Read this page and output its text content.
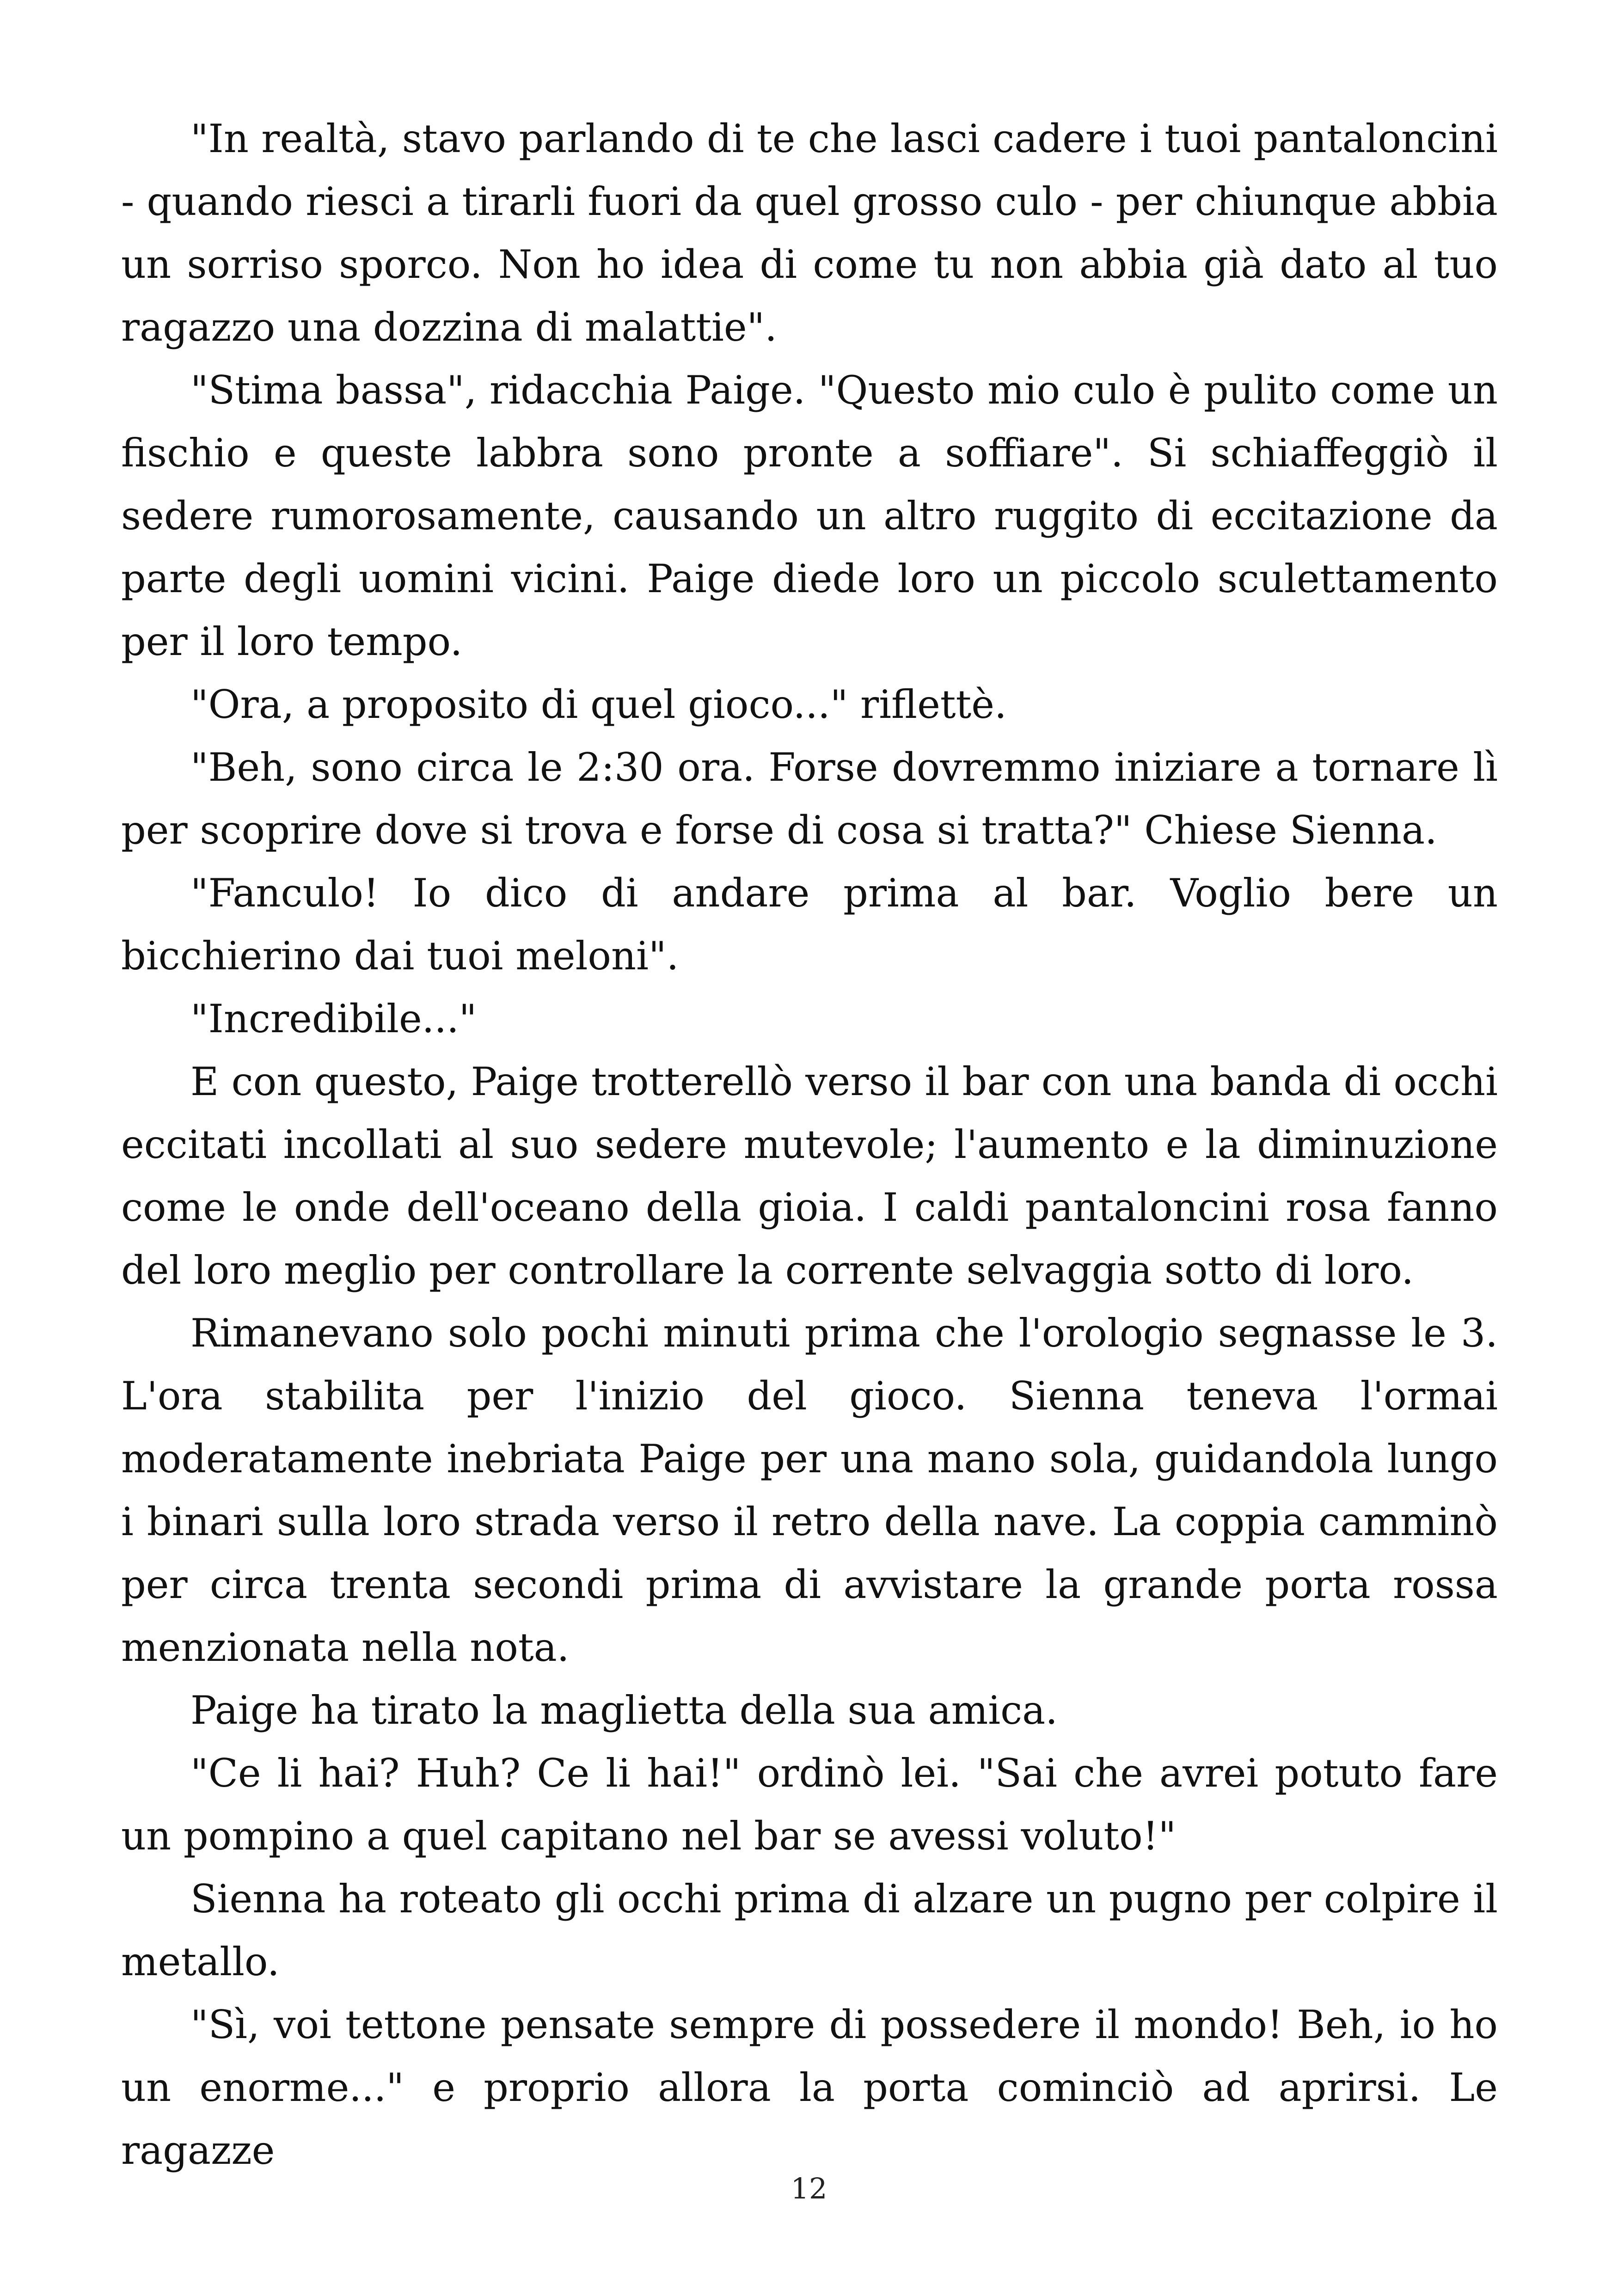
"In realtà, stavo parlando di te che lasci cadere i tuoi pantaloncini - quando riesci a tirarli fuori da quel grosso culo - per chiunque abbia un sorriso sporco. Non ho idea di come tu non abbia già dato al tuo ragazzo una dozzina di malattie".

"Stima bassa", ridacchia Paige. "Questo mio culo è pulito come un fischio e queste labbra sono pronte a soffiare". Si schiaffeggiò il sedere rumorosamente, causando un altro ruggito di eccitazione da parte degli uomini vicini. Paige diede loro un piccolo sculettamento per il loro tempo.

"Ora, a proposito di quel gioco..." riflettè.

"Beh, sono circa le 2:30 ora. Forse dovremmo iniziare a tornare lì per scoprire dove si trova e forse di cosa si tratta?" Chiese Sienna.

"Fanculo! Io dico di andare prima al bar. Voglio bere un bicchierino dai tuoi meloni".

"Incredibile..."

E con questo, Paige trotterellò verso il bar con una banda di occhi eccitati incollati al suo sedere mutevole; l'aumento e la diminuzione come le onde dell'oceano della gioia. I caldi pantaloncini rosa fanno del loro meglio per controllare la corrente selvaggia sotto di loro.

Rimanevano solo pochi minuti prima che l'orologio segnasse le 3. L'ora stabilita per l'inizio del gioco. Sienna teneva l'ormai moderatamente inebriata Paige per una mano sola, guidandola lungo i binari sulla loro strada verso il retro della nave. La coppia camminò per circa trenta secondi prima di avvistare la grande porta rossa menzionata nella nota.

Paige ha tirato la maglietta della sua amica.

"Ce li hai? Huh? Ce li hai!" ordinò lei. "Sai che avrei potuto fare un pompino a quel capitano nel bar se avessi voluto!"

Sienna ha roteato gli occhi prima di alzare un pugno per colpire il metallo.

"Sì, voi tettone pensate sempre di possedere il mondo! Beh, io ho un enorme..." e proprio allora la porta cominciò ad aprirsi. Le ragazze

12
